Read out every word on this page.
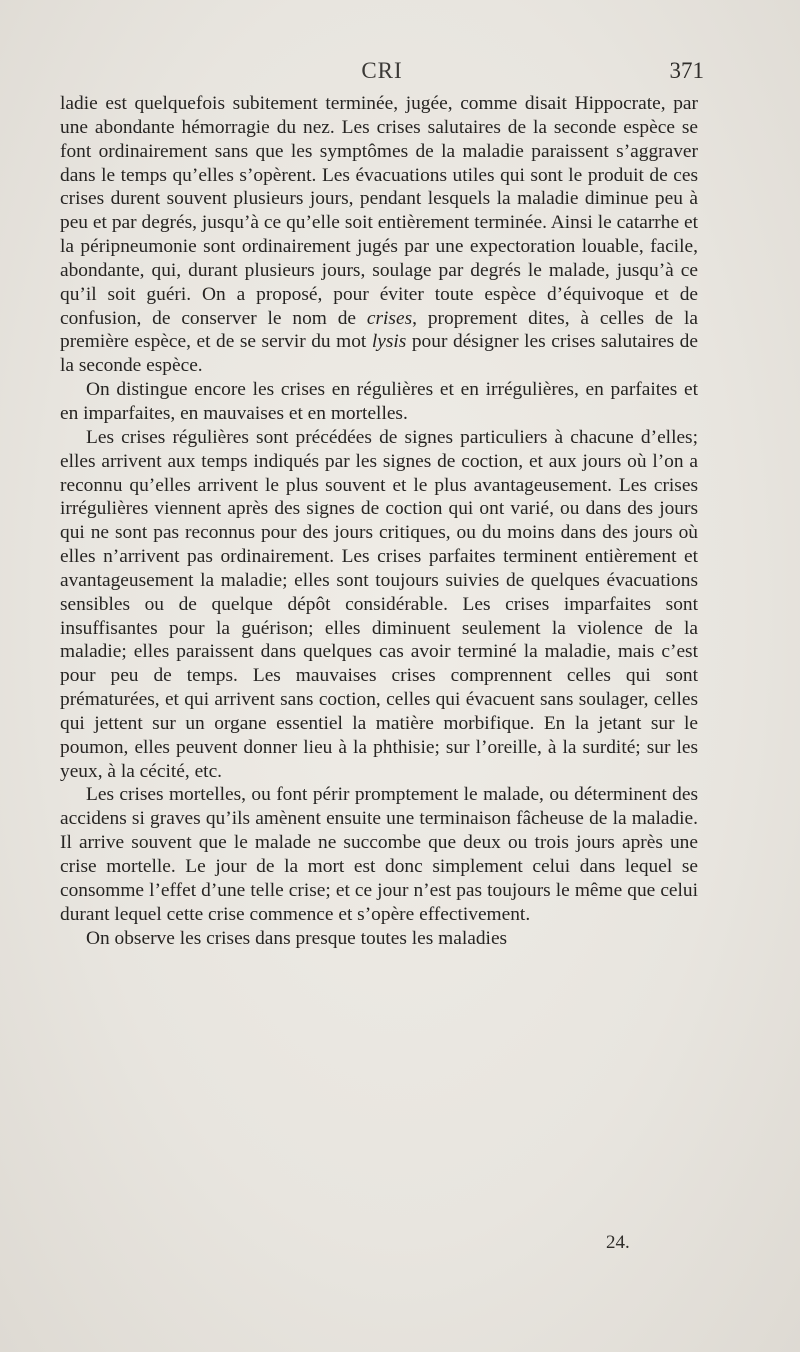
CRI	371

ladie est quelquefois subitement terminée, jugée, comme disait Hippocrate, par une abondante hémorragie du nez. Les crises salutaires de la seconde espèce se font ordinairement sans que les symptômes de la maladie paraissent s’aggraver dans le temps qu’elles s’opèrent. Les évacuations utiles qui sont le produit de ces crises durent souvent plusieurs jours, pendant lesquels la maladie diminue peu à peu et par degrés, jusqu’à ce qu’elle soit entièrement terminée. Ainsi le catarrhe et la péripneumonie sont ordinairement jugés par une expectoration louable, facile, abondante, qui, durant plusieurs jours, soulage par degrés le malade, jusqu’à ce qu’il soit guéri. On a proposé, pour éviter toute espèce d’équivoque et de confusion, de conserver le nom de crises, proprement dites, à celles de la première espèce, et de se servir du mot lysis pour désigner les crises salutaires de la seconde espèce.

On distingue encore les crises en régulières et en irrégulières, en parfaites et en imparfaites, en mauvaises et en mortelles.

Les crises régulières sont précédées de signes particuliers à chacune d’elles; elles arrivent aux temps indiqués par les signes de coction, et aux jours où l’on a reconnu qu’elles arrivent le plus souvent et le plus avantageusement. Les crises irrégulières viennent après des signes de coction qui ont varié, ou dans des jours qui ne sont pas reconnus pour des jours critiques, ou du moins dans des jours où elles n’arrivent pas ordinairement. Les crises parfaites terminent entièrement et avantageusement la maladie; elles sont toujours suivies de quelques évacuations sensibles ou de quelque dépôt considérable. Les crises imparfaites sont insuffisantes pour la guérison; elles diminuent seulement la violence de la maladie; elles paraissent dans quelques cas avoir terminé la maladie, mais c’est pour peu de temps. Les mauvaises crises comprennent celles qui sont prématurées, et qui arrivent sans coction, celles qui évacuent sans soulager, celles qui jettent sur un organe essentiel la matière morbifique. En la jetant sur le poumon, elles peuvent donner lieu à la phthisie; sur l’oreille, à la surdité; sur les yeux, à la cécité, etc.

Les crises mortelles, ou font périr promptement le malade, ou déterminent des accidens si graves qu’ils amènent ensuite une terminaison fâcheuse de la maladie. Il arrive souvent que le malade ne succombe que deux ou trois jours après une crise mortelle. Le jour de la mort est donc simplement celui dans lequel se consomme l’effet d’une telle crise; et ce jour n’est pas toujours le même que celui durant lequel cette crise commence et s’opère effectivement.

On observe les crises dans presque toutes les maladies

24.
